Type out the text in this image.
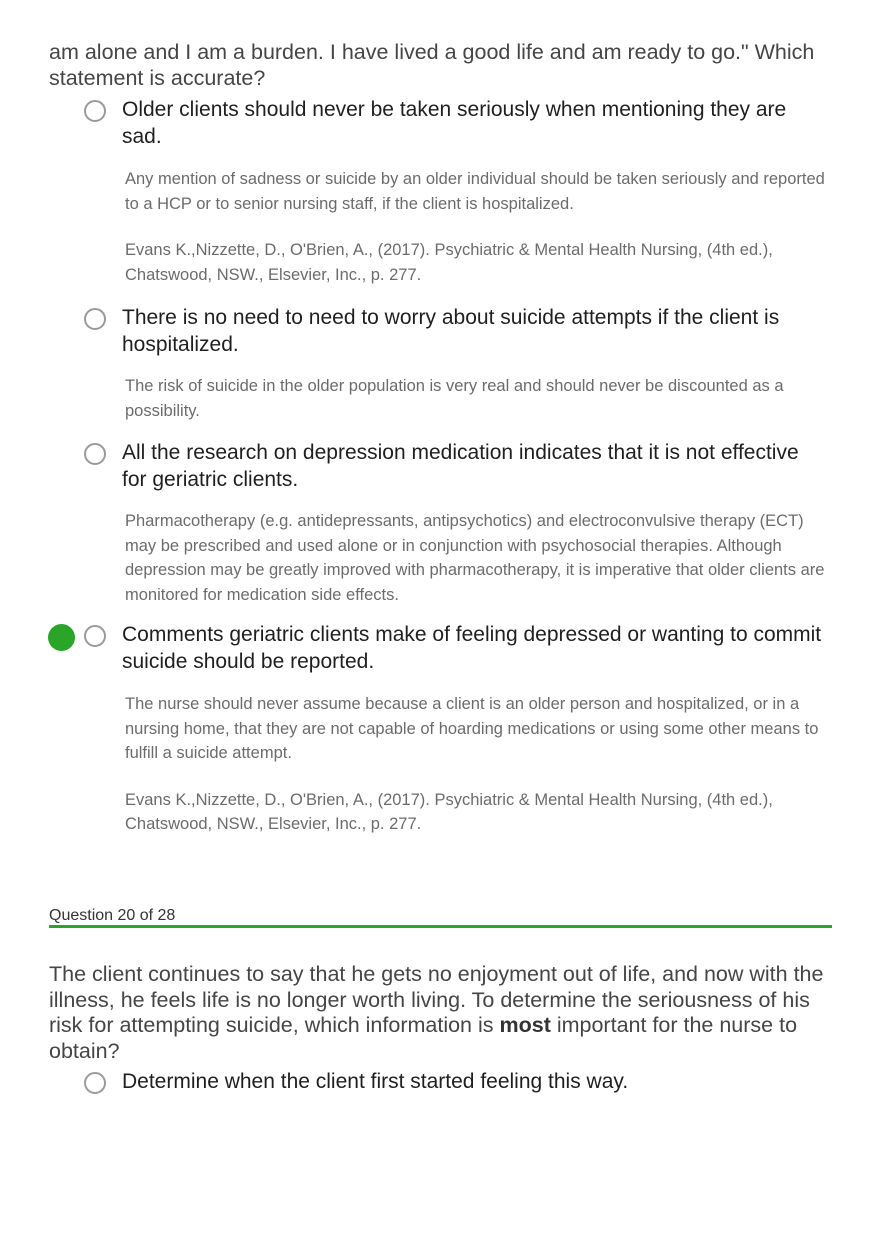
am alone and I am a burden. I have lived a good life and am ready to go." Which statement is accurate?
Older clients should never be taken seriously when mentioning they are sad.

Any mention of sadness or suicide by an older individual should be taken seriously and reported to a HCP or to senior nursing staff, if the client is hospitalized.

Evans K.,Nizzette, D., O'Brien, A., (2017). Psychiatric & Mental Health Nursing, (4th ed.), Chatswood, NSW., Elsevier, Inc., p. 277.

There is no need to need to worry about suicide attempts if the client is hospitalized.

The risk of suicide in the older population is very real and should never be discounted as a possibility.

All the research on depression medication indicates that it is not effective for geriatric clients.

Pharmacotherapy (e.g. antidepressants, antipsychotics) and electroconvulsive therapy (ECT) may be prescribed and used alone or in conjunction with psychosocial therapies. Although depression may be greatly improved with pharmacotherapy, it is imperative that older clients are monitored for medication side effects.

Comments geriatric clients make of feeling depressed or wanting to commit suicide should be reported.

The nurse should never assume because a client is an older person and hospitalized, or in a nursing home, that they are not capable of hoarding medications or using some other means to fulfill a suicide attempt.

Evans K.,Nizzette, D., O'Brien, A., (2017). Psychiatric & Mental Health Nursing, (4th ed.), Chatswood, NSW., Elsevier, Inc., p. 277.

Question 20 of 28
The client continues to say that he gets no enjoyment out of life, and now with the illness, he feels life is no longer worth living. To determine the seriousness of his risk for attempting suicide, which information is most important for the nurse to obtain?
Determine when the client first started feeling this way.
